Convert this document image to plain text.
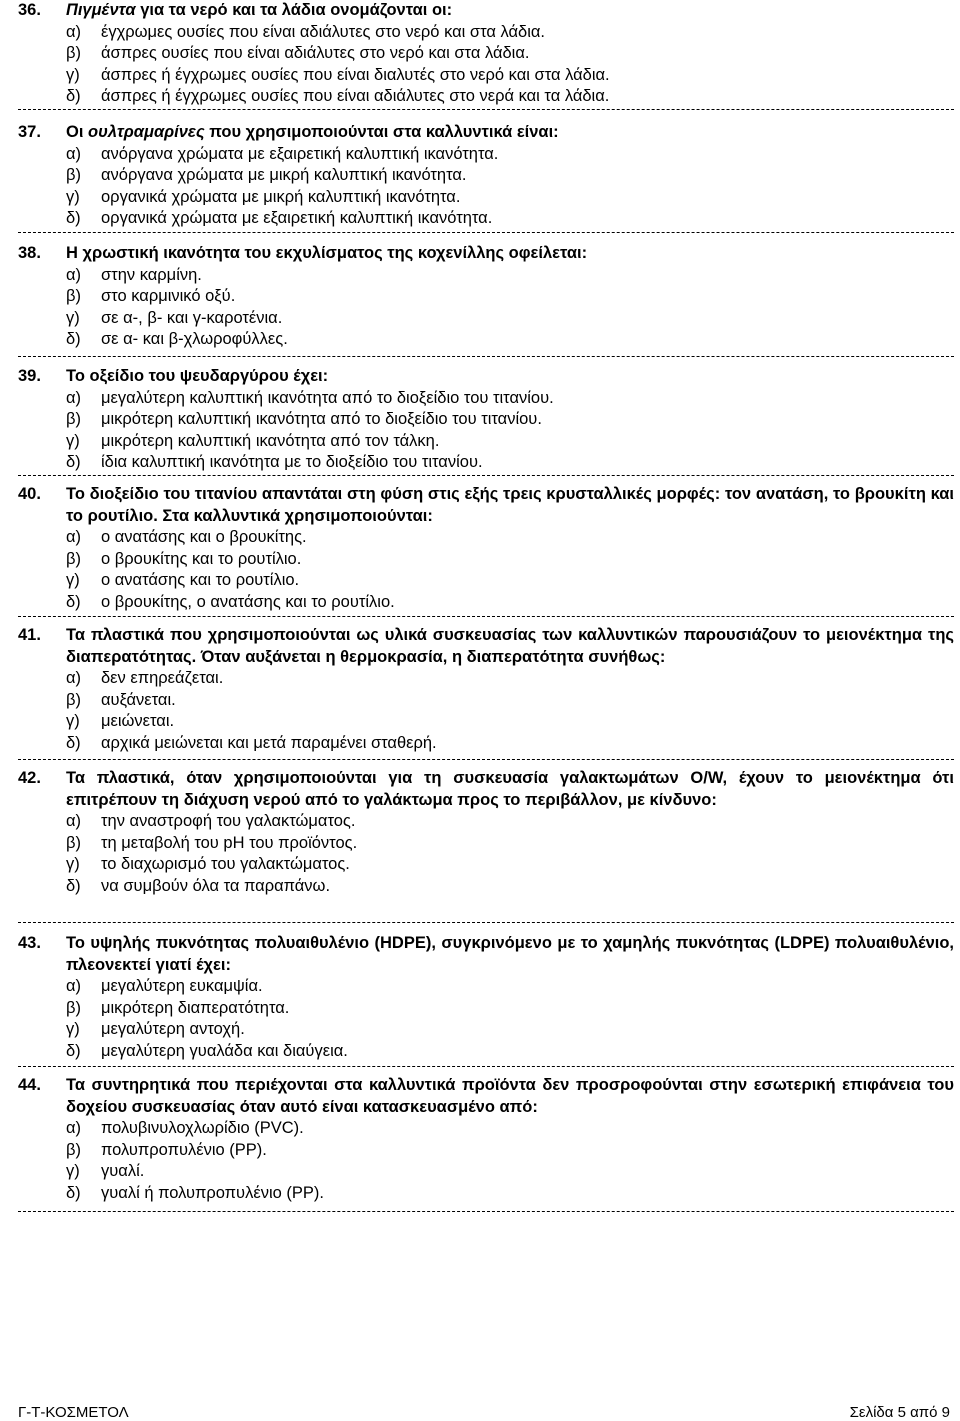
36.	Πιγμέντα για τα νερό και τα λάδια ονομάζονται οι:
α)	έγχρωμες ουσίες που είναι αδιάλυτες στο νερό και στα λάδια.
β)	άσπρες ουσίες που είναι αδιάλυτες στο νερό και στα λάδια.
γ)	άσπρες ή έγχρωμες ουσίες που είναι διαλυτές στο νερό και στα λάδια.
δ)	άσπρες ή έγχρωμες ουσίες που είναι αδιάλυτες στο νερά και τα λάδια.
37.	Οι ουλτραμαρίνες που χρησιμοποιούνται στα καλλυντικά είναι:
α)	ανόργανα χρώματα με εξαιρετική καλυπτική ικανότητα.
β)	ανόργανα χρώματα με μικρή καλυπτική ικανότητα.
γ)	οργανικά χρώματα με μικρή καλυπτική ικανότητα.
δ)	οργανικά χρώματα με εξαιρετική καλυπτική ικανότητα.
38.	Η χρωστική ικανότητα του εκχυλίσματος της κοχενίλλης οφείλεται:
α)	στην καρμίνη.
β)	στο καρμινικό οξύ.
γ)	σε α-, β- και γ-καροτένια.
δ)	σε α- και β-χλωροφύλλες.
39.	Το οξείδιο του ψευδαργύρου έχει:
α)	μεγαλύτερη καλυπτική ικανότητα από το διοξείδιο του τιτανίου.
β)	μικρότερη καλυπτική ικανότητα από το διοξείδιο του τιτανίου.
γ)	μικρότερη καλυπτική ικανότητα από τον τάλκη.
δ)	ίδια καλυπτική ικανότητα με το διοξείδιο του τιτανίου.
40.	Το διοξείδιο του τιτανίου απαντάται στη φύση στις εξής τρεις κρυσταλλικές μορφές: τον ανατάση, το βρουκίτη και το ρουτίλιο. Στα καλλυντικά χρησιμοποιούνται:
α)	ο ανατάσης και ο βρουκίτης.
β)	ο βρουκίτης και το ρουτίλιο.
γ)	ο ανατάσης και το ρουτίλιο.
δ)	ο βρουκίτης, ο ανατάσης και το ρουτίλιο.
41.	Τα πλαστικά που χρησιμοποιούνται ως υλικά συσκευασίας των καλλυντικών παρουσιάζουν το μειονέκτημα της διαπερατότητας. Όταν αυξάνεται η θερμοκρασία, η διαπερατότητα συνήθως:
α)	δεν επηρεάζεται.
β)	αυξάνεται.
γ)	μειώνεται.
δ)	αρχικά μειώνεται και μετά παραμένει σταθερή.
42.	Τα πλαστικά, όταν χρησιμοποιούνται για τη συσκευασία γαλακτωμάτων O/W, έχουν το μειονέκτημα ότι επιτρέπουν τη διάχυση νερού από το γαλάκτωμα προς το περιβάλλον, με κίνδυνο:
α)	την αναστροφή του γαλακτώματος.
β)	τη μεταβολή του pH του προϊόντος.
γ)	το διαχωρισμό του γαλακτώματος.
δ)	να συμβούν όλα τα παραπάνω.
43.	Το υψηλής πυκνότητας πολυαιθυλένιο (HDPE), συγκρινόμενο με το χαμηλής πυκνότητας (LDPE) πολυαιθυλένιο, πλεονεκτεί γιατί έχει:
α)	μεγαλύτερη ευκαμψία.
β)	μικρότερη διαπερατότητα.
γ)	μεγαλύτερη αντοχή.
δ)	μεγαλύτερη γυαλάδα και διαύγεια.
44.	Τα συντηρητικά που περιέχονται στα καλλυντικά προϊόντα δεν προσροφούνται στην εσωτερική επιφάνεια του δοχείου συσκευασίας όταν αυτό είναι κατασκευασμένο από:
α)	πολυβινυλοχλωρίδιο (PVC).
β)	πολυπροπυλένιο (PP).
γ)	γυαλί.
δ)	γυαλί ή πολυπροπυλένιο (PP).
Γ-Τ-ΚΟΣΜΕΤΟΛ	Σελίδα 5 από 9
